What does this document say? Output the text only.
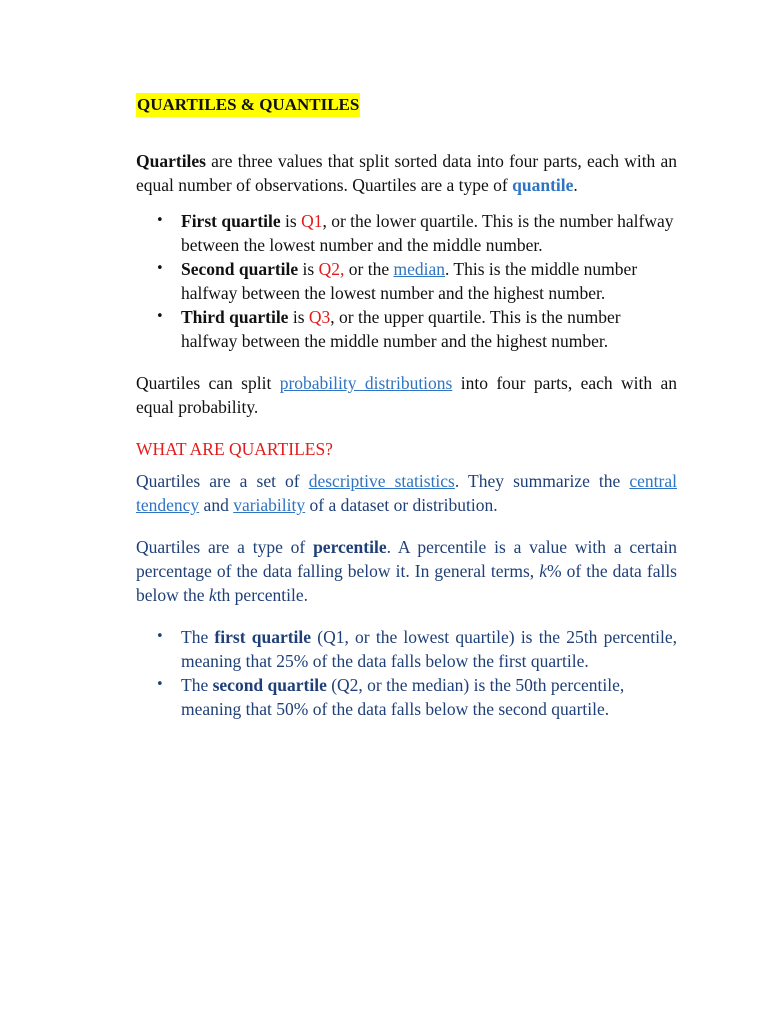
QUARTILES & QUANTILES

Quartiles are three values that split sorted data into four parts, each with an equal number of observations. Quartiles are a type of quantile.

• First quartile is Q1, or the lower quartile. This is the number halfway between the lowest number and the middle number.
• Second quartile is Q2, or the median. This is the middle number halfway between the lowest number and the highest number.
• Third quartile is Q3, or the upper quartile. This is the number halfway between the middle number and the highest number.

Quartiles can split probability distributions into four parts, each with an equal probability.

WHAT ARE QUARTILES?

Quartiles are a set of descriptive statistics. They summarize the central tendency and variability of a dataset or distribution.

Quartiles are a type of percentile. A percentile is a value with a certain percentage of the data falling below it. In general terms, k% of the data falls below the kth percentile.

• The first quartile (Q1, or the lowest quartile) is the 25th percentile, meaning that 25% of the data falls below the first quartile.
• The second quartile (Q2, or the median) is the 50th percentile, meaning that 50% of the data falls below the second quartile.
